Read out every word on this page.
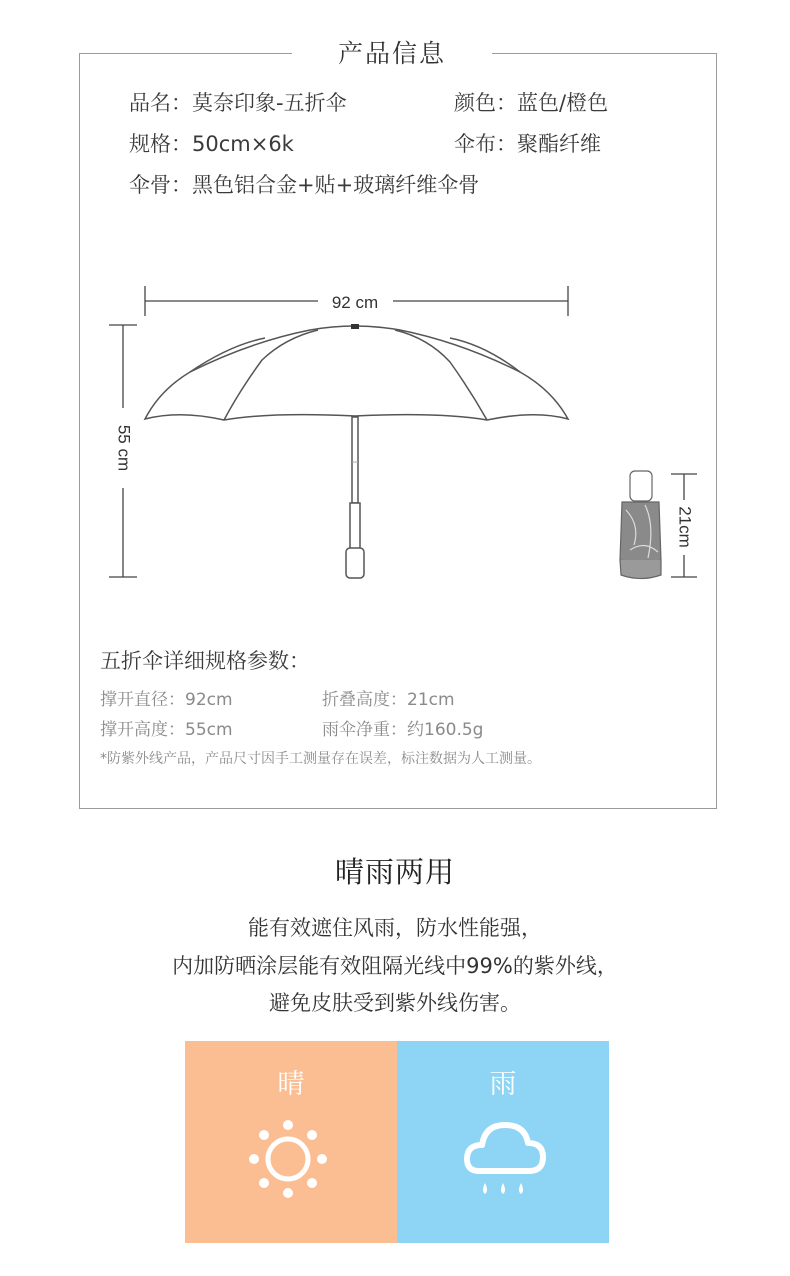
产品信息
品名：莫奈印象-五折伞	颜色：蓝色/橙色
规格：50cm×6k	伞布：聚酯纤维
伞骨：黑色铝合金+贴+玻璃纤维伞骨
92 cm
55 cm
21cm
五折伞详细规格参数：
撑开直径：92cm	折叠高度：21cm
撑开高度：55cm	雨伞净重：约160.5g
*防紫外线产品，产品尺寸因手工测量存在误差，标注数据为人工测量。
晴雨两用
能有效遮住风雨，防水性能强，
内加防晒涂层能有效阻隔光线中99%的紫外线，
避免皮肤受到紫外线伤害。
晴	雨
